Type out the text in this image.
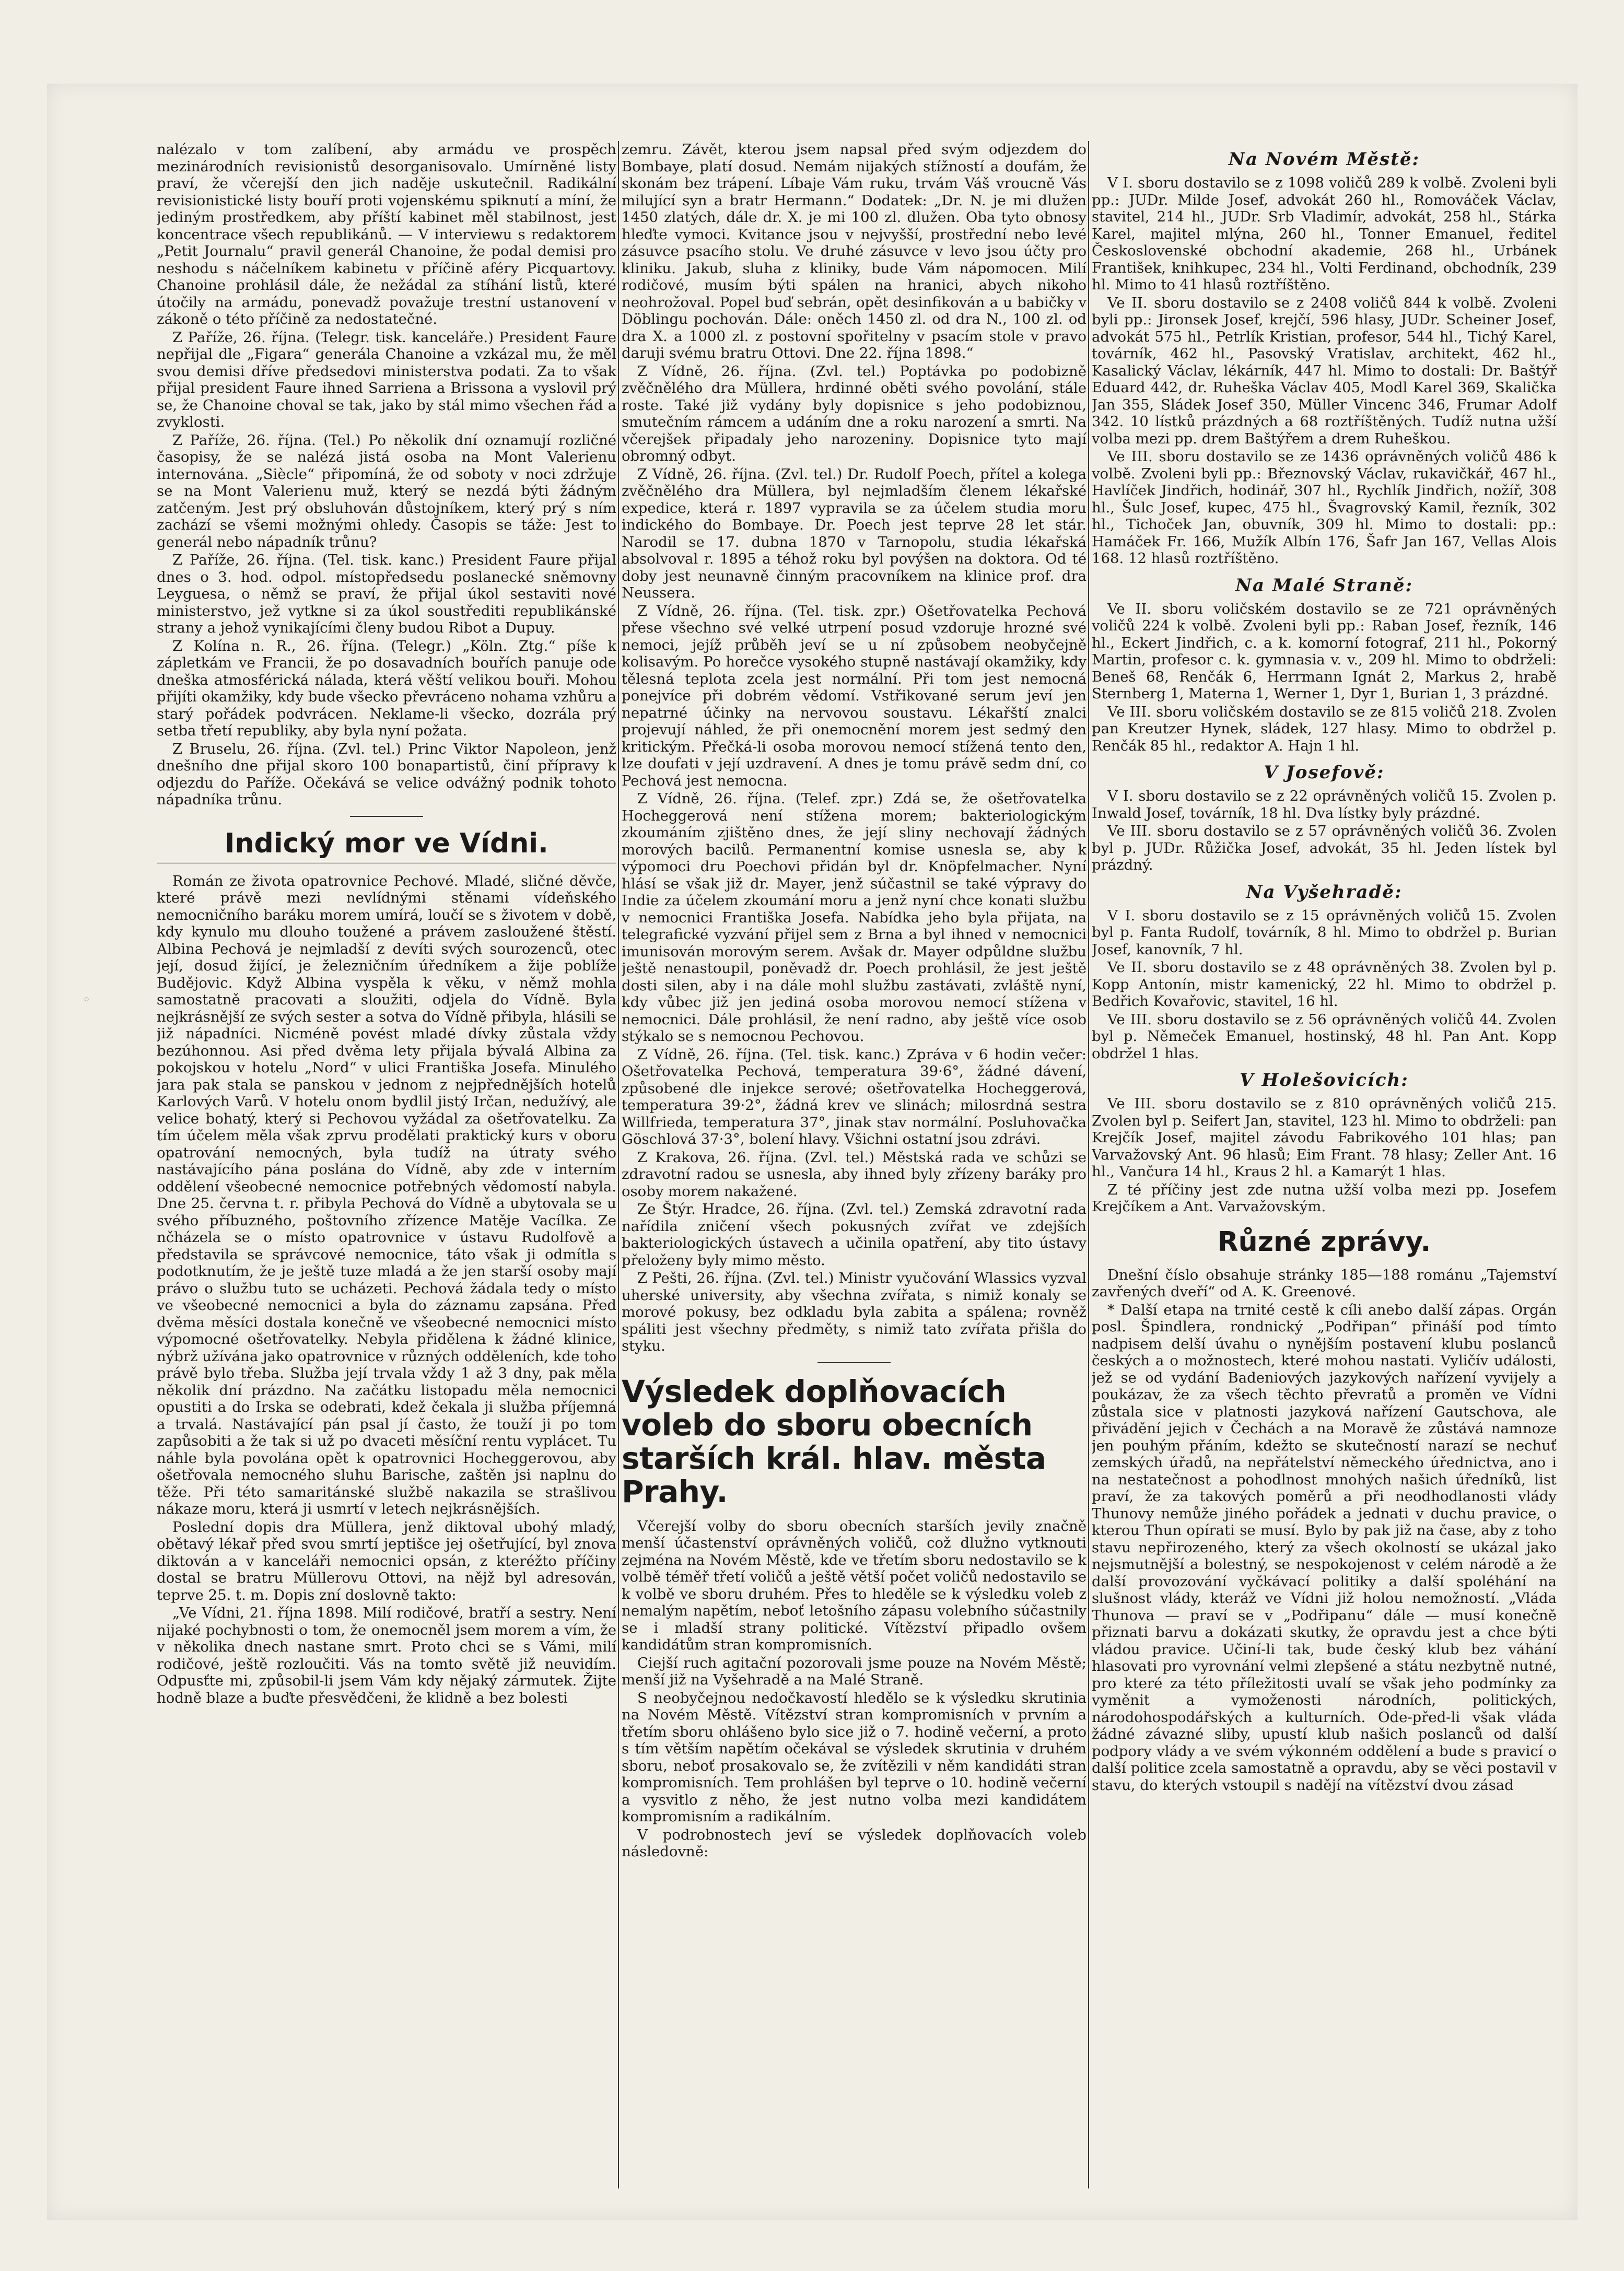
◦

nalézalo v tom zalíbení, aby armádu ve prospěch mezinárodních revisionistů desorganisovalo. Umírněné listy praví, že včerejší den jich naděje uskutečnil. Radikální revisionistické listy bouří proti vojenskému spiknutí a míní, že jediným prostředkem, aby příští kabinet měl stabilnost, jest koncentrace všech republikánů. — V interviewu s redaktorem „Petit Journalu“ pravil generál Chanoine, že podal demisi pro neshodu s náčelníkem kabinetu v příčině aféry Picquartovy. Chanoine prohlásil dále, že nežádal za stíhání listů, které útočily na armádu, ponevadž považuje trestní ustanovení v zákoně o této příčině za nedostatečné.

Z Paříže, 26. října. (Telegr. tisk. kanceláře.) President Faure nepřijal dle „Figara“ generála Chanoine a vzkázal mu, že měl svou demisi dříve předsedovi ministerstva podati. Za to však přijal president Faure ihned Sarriena a Brissona a vyslovil prý se, že Chanoine choval se tak, jako by stál mimo všechen řád a zvyklosti.

Z Paříže, 26. října. (Tel.) Po několik dní oznamují rozličné časopisy, že se nalézá jistá osoba na Mont Valerienu internována. „Siècle“ připomíná, že od soboty v noci zdržuje se na Mont Valerienu muž, který se nezdá býti žádným zatčeným. Jest prý obsluhován důstojníkem, který prý s ním zachází se všemi možnými ohledy. Časopis se táže: Jest to generál nebo nápadník trůnu?

Z Paříže, 26. října. (Tel. tisk. kanc.) President Faure přijal dnes o 3. hod. odpol. místopředsedu poslanecké sněmovny Leyguesa, o němž se praví, že přijal úkol sestaviti nové ministerstvo, jež vytkne si za úkol soustřediti republikánské strany a jehož vynikajícími členy budou Ribot a Dupuy.

Z Kolína n. R., 26. října. (Telegr.) „Köln. Ztg.“ píše k zápletkám ve Francii, že po dosavadních bouřích panuje ode dneška atmosférická nálada, která věští velikou bouři. Mohou přijíti okamžiky, kdy bude všecko převráceno nohama vzhůru a starý pořádek podvrácen. Neklame-li všecko, dozrála prý setba třetí republiky, aby byla nyní požata.

Z Bruselu, 26. října. (Zvl. tel.) Princ Viktor Napoleon, jenž dnešního dne přijal skoro 100 bonapartistů, činí přípravy k odjezdu do Paříže. Očekává se velice odvážný podnik tohoto nápadníka trůnu.

Indický mor ve Vídni.

Román ze života opatrovnice Pechové. Mladé, sličné děvče, které právě mezi nevlídnými stěnami vídeňského nemocničního baráku morem umírá, loučí se s životem v době, kdy kynulo mu dlouho toužené a právem zasloužené štěstí. Albina Pechová je nejmladší z devíti svých sourozenců, otec její, dosud žijící, je železničním úředníkem a žije poblíže Budějovic. Když Albina vyspěla k věku, v němž mohla samostatně pracovati a sloužiti, odjela do Vídně. Byla nejkrásnější ze svých sester a sotva do Vídně přibyla, hlásili se již nápadníci. Nicméně povést mladé dívky zůstala vždy bezúhonnou. Asi před dvěma lety přijala bývalá Albina za pokojskou v hotelu „Nord“ v ulici Františka Josefa. Minulého jara pak stala se panskou v jednom z nejpřednějších hotelů Karlových Varů. V hotelu onom bydlil jistý Irčan, nedužívý, ale velice bohatý, který si Pechovou vyžádal za ošetřovatelku. Za tím účelem měla však zprvu prodělati praktický kurs v oboru opatrování nemocných, byla tudíž na útraty svého nastávajícího pána poslána do Vídně, aby zde v interním oddělení všeobecné nemocnice potřebných vědomostí nabyla. Dne 25. června t. r. přibyla Pechová do Vídně a ubytovala se u svého příbuzného, poštovního zřízence Matěje Vacílka. Ze nčházela se o místo opatrovnice v ústavu Rudolfově a představila se správcové nemocnice, táto však ji odmítla s podotknutím, že je ještě tuze mladá a že jen starší osoby mají právo o službu tuto se ucházeti. Pechová žádala tedy o místo ve všeobecné nemocnici a byla do záznamu zapsána. Před dvěma měsíci dostala konečně ve všeobecné nemocnici místo výpomocné ošetřovatelky. Nebyla přidělena k žádné klinice, nýbrž užívána jako opatrovnice v různých odděleních, kde toho právě bylo třeba. Služba její trvala vždy 1 až 3 dny, pak měla několik dní prázdno. Na začátku listopadu měla nemocnici opustiti a do Irska se odebrati, kdež čekala ji služba příjemná a trvalá. Nastávající pán psal jí často, že touží ji po tom zapůsobiti a že tak si už po dvaceti měsíční rentu vyplácet. Tu náhle byla povolána opět k opatrovnici Hocheggerovou, aby ošetřovala nemocného sluhu Barische, zaštěn jsi naplnu do těže. Při této samaritánské službě nakazila se strašlivou nákaze moru, která ji usmrtí v letech nejkrásnějších.

Poslední dopis dra Müllera, jenž diktoval ubohý mladý, obětavý lékař před svou smrtí jeptišce jej ošetřující, byl znova diktován a v kanceláři nemocnici opsán, z kteréžto příčiny dostal se bratru Müllerovu Ottovi, na nějž byl adresován, teprve 25. t. m. Dopis zní doslovně takto:

„Ve Vídni, 21. října 1898. Milí rodičové, bratří a sestry. Není nijaké pochybnosti o tom, že onemocněl jsem morem a vím, že v několika dnech nastane smrt. Proto chci se s Vámi, milí rodičové, ještě rozloučiti. Vás na tomto světě již neuvidím. Odpusťte mi, způsobil-li jsem Vám kdy nějaký zármutek. Žijte hodně blaze a buďte přesvědčeni, že klidně a bez bolesti

zemru. Závět, kterou jsem napsal před svým odjezdem do Bombaye, platí dosud. Nemám nijakých stížností a doufám, že skonám bez trápení. Líbaje Vám ruku, trvám Váš vroucně Vás milující syn a bratr Hermann.“ Dodatek: „Dr. N. je mi dlužen 1450 zlatých, dále dr. X. je mi 100 zl. dlužen. Oba tyto obnosy hleďte vymoci. Kvitance jsou v nejvyšší, prostřední nebo levé zásuvce psacího stolu. Ve druhé zásuvce v levo jsou účty pro kliniku. Jakub, sluha z kliniky, bude Vám nápomocen. Milí rodičové, musím býti spálen na hranici, abych nikoho neohrožoval. Popel buď sebrán, opět desinfikován a u babičky v Döblingu pochován. Dále: oněch 1450 zl. od dra N., 100 zl. od dra X. a 1000 zl. z postovní spořitelny v psacím stole v pravo daruji svému bratru Ottovi. Dne 22. října 1898.“

Z Vídně, 26. října. (Zvl. tel.) Poptávka po podobizně zvěčnělého dra Müllera, hrdinné oběti svého povolání, stále roste. Také již vydány byly dopisnice s jeho podobiznou, smutečním rámcem a udáním dne a roku narození a smrti. Na včerejšek připadaly jeho narozeniny. Dopisnice tyto mají obromný odbyt.

Z Vídně, 26. října. (Zvl. tel.) Dr. Rudolf Poech, přítel a kolega zvěčnělého dra Müllera, byl nejmladším členem lékařské expedice, která r. 1897 vypravila se za účelem studia moru indického do Bombaye. Dr. Poech jest teprve 28 let stár. Narodil se 17. dubna 1870 v Tarnopolu, studia lékařská absolvoval r. 1895 a téhož roku byl povýšen na doktora. Od té doby jest neunavně činným pracovníkem na klinice prof. dra Neussera.

Z Vídně, 26. října. (Tel. tisk. zpr.) Ošetřovatelka Pechová přese všechno své velké utrpení posud vzdoruje hrozné své nemoci, jejíž průběh jeví se u ní způsobem neobyčejně kolisavým. Po horečce vysokého stupně nastávají okamžiky, kdy tělesná teplota zcela jest normální. Při tom jest nemocná ponejvíce při dobrém vědomí. Vstřikované serum jeví jen nepatrné účinky na nervovou soustavu. Lékařští znalci projevují náhled, že při onemocnění morem jest sedmý den kritickým. Přečká-li osoba morovou nemocí stížená tento den, lze doufati v její uzdravení. A dnes je tomu právě sedm dní, co Pechová jest nemocna.

Z Vídně, 26. října. (Telef. zpr.) Zdá se, že ošetřovatelka Hocheggerová není stížena morem; bakteriologickým zkoumáním zjištěno dnes, že její sliny nechovají žádných morových bacilů. Permanentní komise usnesla se, aby k výpomoci dru Poechovi přidán byl dr. Knöpfelmacher. Nyní hlásí se však již dr. Mayer, jenž súčastnil se také výpravy do Indie za účelem zkoumání moru a jenž nyní chce konati službu v nemocnici Františka Josefa. Nabídka jeho byla přijata, na telegrafické vyzvání přijel sem z Brna a byl ihned v nemocnici imunisován morovým serem. Avšak dr. Mayer odpůldne službu ještě nenastoupil, poněvadž dr. Poech prohlásil, že jest ještě dosti silen, aby i na dále mohl službu zastávati, zvláště nyní, kdy vůbec již jen jediná osoba morovou nemocí stížena v nemocnici. Dále prohlásil, že není radno, aby ještě více osob stýkalo se s nemocnou Pechovou.

Z Vídně, 26. října. (Tel. tisk. kanc.) Zpráva v 6 hodin večer: Ošetřovatelka Pechová, temperatura 39·6°, žádné dávení, způsobené dle injekce serové; ošetřovatelka Hocheggerová, temperatura 39·2°, žádná krev ve slinách; milosrdná sestra Willfrieda, temperatura 37°, jinak stav normální. Posluhovačka Göschlová 37·3°, bolení hlavy. Všichni ostatní jsou zdrávi.

Z Krakova, 26. října. (Zvl. tel.) Městská rada ve schůzi se zdravotní radou se usnesla, aby ihned byly zřízeny baráky pro osoby morem nakažené.

Ze Štýr. Hradce, 26. října. (Zvl. tel.) Zemská zdravotní rada nařídila zničení všech pokusných zvířat ve zdejších bakteriologických ústavech a učinila opatření, aby tito ústavy přeloženy byly mimo město.

Z Pešti, 26. října. (Zvl. tel.) Ministr vyučování Wlassics vyzval uherské university, aby všechna zvířata, s nimiž konaly se morové pokusy, bez odkladu byla zabita a spálena; rovněž spáliti jest všechny předměty, s nimiž tato zvířata přišla do styku.

Výsledek doplňovacích voleb do sboru obecních starších král. hlav. města Prahy.

Včerejší volby do sboru obecních starších jevily značně menší účastenství oprávněných voličů, což dlužno vytknouti zejména na Novém Městě, kde ve třetím sboru nedostavilo se k volbě téměř třetí voličů a ještě větší počet voličů nedostavilo se k volbě ve sboru druhém. Přes to hleděle se k výsledku voleb z nemalým napětím, neboť letošního zápasu volebního súčastnily se i mladší strany politické. Vítězství připadlo ovšem kandidátům stran kompromisních.

Ciejší ruch agitační pozorovali jsme pouze na Novém Městě; menší již na Vyšehradě a na Malé Straně.

S neobyčejnou nedočkavostí hledělo se k výsledku skrutinia na Novém Městě. Vítězství stran kompromisních v prvním a třetím sboru ohlášeno bylo sice již o 7. hodině večerní, a proto s tím větším napětím očekával se výsledek skrutinia v druhém sboru, neboť prosakovalo se, že zvítězili v něm kandidáti stran kompromisních. Tem prohlášen byl teprve o 10. hodině večerní a vysvitlo z něho, že jest nutno volba mezi kandidátem kompromisním a radikálním.

V podrobnostech jeví se výsledek doplňovacích voleb následovně:

Na Novém Městě:

V I. sboru dostavilo se z 1098 voličů 289 k volbě. Zvoleni byli pp.: JUDr. Milde Josef, advokát 260 hl., Romováček Václav, stavitel, 214 hl., JUDr. Srb Vladimír, advokát, 258 hl., Stárka Karel, majitel mlýna, 260 hl., Tonner Emanuel, ředitel Československé obchodní akademie, 268 hl., Urbánek František, knihkupec, 234 hl., Volti Ferdinand, obchodník, 239 hl. Mimo to 41 hlasů roztříštěno.

Ve II. sboru dostavilo se z 2408 voličů 844 k volbě. Zvoleni byli pp.: Jironsek Josef, krejčí, 596 hlasy, JUDr. Scheiner Josef, advokát 575 hl., Petrlík Kristian, profesor, 544 hl., Tichý Karel, továrník, 462 hl., Pasovský Vratislav, architekt, 462 hl., Kasalický Václav, lékárník, 447 hl. Mimo to dostali: Dr. Baštýř Eduard 442, dr. Ruheška Václav 405, Modl Karel 369, Skalička Jan 355, Sládek Josef 350, Müller Vincenc 346, Frumar Adolf 342. 10 lístků prázdných a 68 roztříštěných. Tudíž nutna užší volba mezi pp. drem Baštýřem a drem Ruheškou.

Ve III. sboru dostavilo se ze 1436 oprávněných voličů 486 k volbě. Zvoleni byli pp.: Březnovský Václav, rukavičkář, 467 hl., Havlíček Jindřich, hodinář, 307 hl., Rychlík Jindřich, nožíř, 308 hl., Šulc Josef, kupec, 475 hl., Švagrovský Kamil, řezník, 302 hl., Tichoček Jan, obuvník, 309 hl. Mimo to dostali: pp.: Hamáček Fr. 166, Mužík Albín 176, Šafr Jan 167, Vellas Alois 168. 12 hlasů roztříštěno.

Na Malé Straně:

Ve II. sboru voličském dostavilo se ze 721 oprávněných voličů 224 k volbě. Zvoleni byli pp.: Raban Josef, řezník, 146 hl., Eckert Jindřich, c. a k. komorní fotograf, 211 hl., Pokorný Martin, profesor c. k. gymnasia v. v., 209 hl. Mimo to obdrželi: Beneš 68, Renčák 6, Herrmann Ignát 2, Markus 2, hrabě Sternberg 1, Materna 1, Werner 1, Dyr 1, Burian 1, 3 prázdné.

Ve III. sboru voličském dostavilo se ze 815 voličů 218. Zvolen pan Kreutzer Hynek, sládek, 127 hlasy. Mimo to obdržel p. Renčák 85 hl., redaktor A. Hajn 1 hl.

V Josefově:

V I. sboru dostavilo se z 22 oprávněných voličů 15. Zvolen p. Inwald Josef, továrník, 18 hl. Dva lístky byly prázdné.

Ve III. sboru dostavilo se z 57 oprávněných voličů 36. Zvolen byl p. JUDr. Růžička Josef, advokát, 35 hl. Jeden lístek byl prázdný.

Na Vyšehradě:

V I. sboru dostavilo se z 15 oprávněných voličů 15. Zvolen byl p. Fanta Rudolf, továrník, 8 hl. Mimo to obdržel p. Burian Josef, kanovník, 7 hl.

Ve II. sboru dostavilo se z 48 oprávněných 38. Zvolen byl p. Kopp Antonín, mistr kamenický, 22 hl. Mimo to obdržel p. Bedřich Kovařovic, stavitel, 16 hl.

Ve III. sboru dostavilo se z 56 oprávněných voličů 44. Zvolen byl p. Němeček Emanuel, hostinský, 48 hl. Pan Ant. Kopp obdržel 1 hlas.

V Holešovicích:

Ve III. sboru dostavilo se z 810 oprávněných voličů 215. Zvolen byl p. Seifert Jan, stavitel, 123 hl. Mimo to obdrželi: pan Krejčík Josef, majitel závodu Fabrikového 101 hlas; pan Varvažovský Ant. 96 hlasů; Eim Frant. 78 hlasy; Zeller Ant. 16 hl., Vančura 14 hl., Kraus 2 hl. a Kamarýt 1 hlas.

Z té příčiny jest zde nutna užší volba mezi pp. Josefem Krejčíkem a Ant. Varvažovským.

Různé zprávy.

Dnešní číslo obsahuje stránky 185—188 románu „Tajemství zavřených dveří“ od A. K. Greenové.

* Další etapa na trnité cestě k cíli anebo další zápas. Orgán posl. Špindlera, rondnický „Podřipan“ přináší pod tímto nadpisem delší úvahu o nynějším postavení klubu poslanců českých a o možnostech, které mohou nastati. Vyličív události, jež se od vydání Badeniových jazykových nařízení vyvijely a poukázav, že za všech těchto převratů a proměn ve Vídni zůstala sice v platnosti jazyková nařízení Gautschova, ale přivádění jejich v Čechách a na Moravě že zůstává namnoze jen pouhým přáním, kdežto se skutečností narazí se nechuť zemských úřadů, na nepřátelství německého úřednictva, ano i na nestatečnost a pohodlnost mnohých našich úředníků, list praví, že za takových poměrů a při neodhodlanosti vlády Thunovy nemůže jiného pořádek a jednati v duchu pravice, o kterou Thun opírati se musí. Bylo by pak již na čase, aby z toho stavu nepřirozeného, který za všech okolností se ukázal jako nejsmutnější a bolestný, se nespokojenost v celém národě a že další provozování vyčkávací politiky a další spoléhání na slušnost vlády, kteráž ve Vídni již holou nemožností. „Vláda Thunova — praví se v „Podřipanu“ dále — musí konečně přiznati barvu a dokázati skutky, že opravdu jest a chce býti vládou pravice. Učiní-li tak, bude český klub bez váhání hlasovati pro vyrovnání velmi zlepšené a státu nezbytně nutné, pro které za této příležitosti uvalí se však jeho podmínky za vyměnit a vymoženosti národních, politických, národohospodářských a kulturních. Ode-před-li však vláda žádné závazné sliby, upustí klub našich poslanců od další podpory vlády a ve svém výkonném oddělení a bude s pravicí o další politice zcela samostatně a opravdu, aby se věci postavil v stavu, do kterých vstoupil s nadějí na vítězství dvou zásad
